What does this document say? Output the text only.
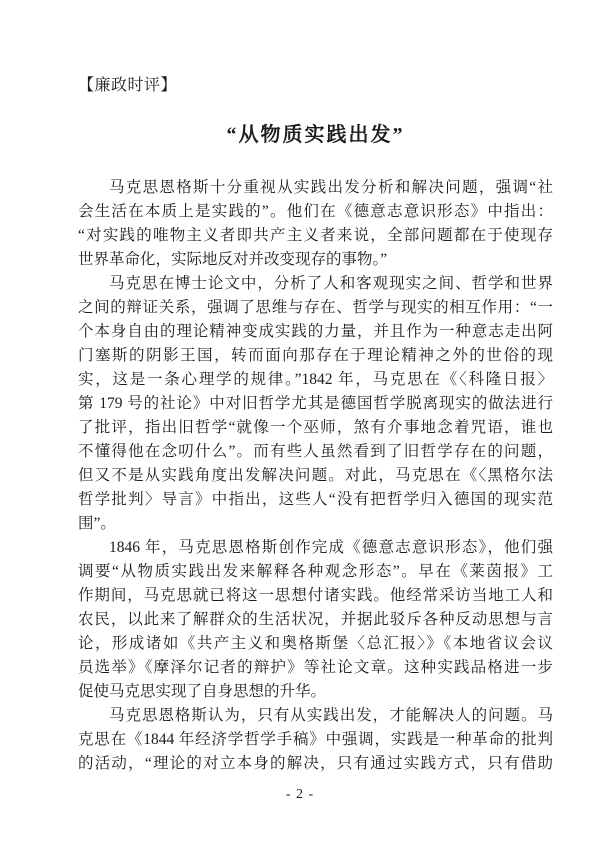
【廉政时评】
“从物质实践出发”
马克思恩格斯十分重视从实践出发分析和解决问题，强调“社
会生活在本质上是实践的”。他们在《德意志意识形态》中指出：
“对实践的唯物主义者即共产主义者来说，全部问题都在于使现存
世界革命化，实际地反对并改变现存的事物。”
马克思在博士论文中，分析了人和客观现实之间、哲学和世界
之间的辩证关系，强调了思维与存在、哲学与现实的相互作用：“一
个本身自由的理论精神变成实践的力量，并且作为一种意志走出阿
门塞斯的阴影王国，转而面向那存在于理论精神之外的世俗的现
实，这是一条心理学的规律。”1842 年，马克思在《〈科隆日报〉
第 179 号的社论》中对旧哲学尤其是德国哲学脱离现实的做法进行
了批评，指出旧哲学“就像一个巫师，煞有介事地念着咒语，谁也
不懂得他在念叨什么”。而有些人虽然看到了旧哲学存在的问题，
但又不是从实践角度出发解决问题。对此，马克思在《〈黑格尔法
哲学批判〉导言》中指出，这些人“没有把哲学归入德国的现实范
围”。
1846 年，马克思恩格斯创作完成《德意志意识形态》，他们强
调要“从物质实践出发来解释各种观念形态”。早在《莱茵报》工
作期间，马克思就已将这一思想付诸实践。他经常采访当地工人和
农民，以此来了解群众的生活状况，并据此驳斥各种反动思想与言
论，形成诸如《共产主义和奥格斯堡〈总汇报〉》《本地省议会议
员选举》《摩泽尔记者的辩护》等社论文章。这种实践品格进一步
促使马克思实现了自身思想的升华。
马克思恩格斯认为，只有从实践出发，才能解决人的问题。马
克思在《1844 年经济学哲学手稿》中强调，实践是一种革命的批判
的活动，“理论的对立本身的解决，只有通过实践方式，只有借助
- 2 -
